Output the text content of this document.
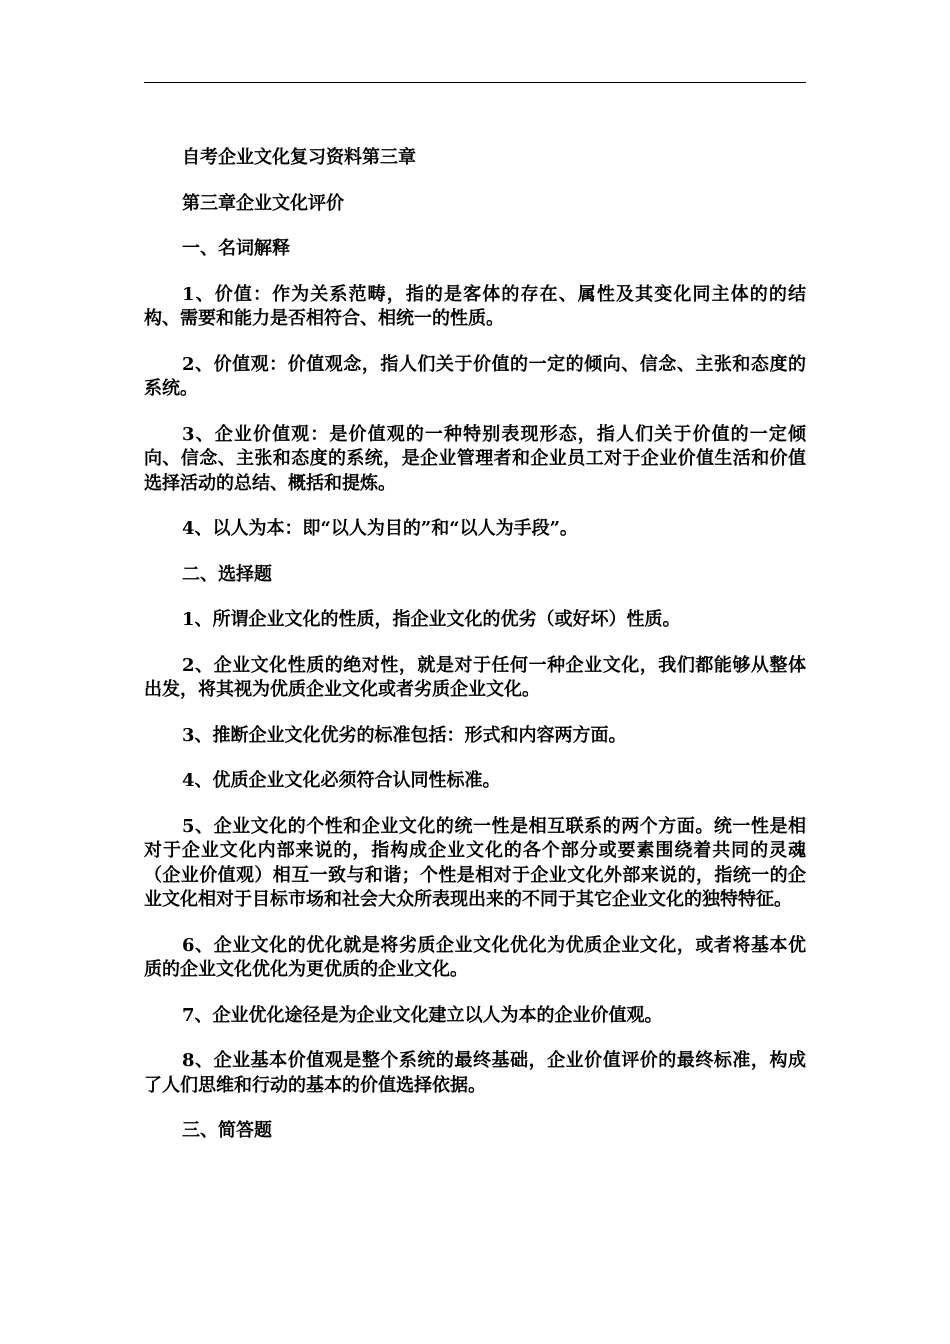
自考企业文化复习资料第三章

第三章企业文化评价

一、名词解释

1、价值：作为关系范畴，指的是客体的存在、属性及其变化同主体的的结构、需要和能力是否相符合、相统一的性质。

2、价值观：价值观念，指人们关于价值的一定的倾向、信念、主张和态度的系统。

3、企业价值观：是价值观的一种特别表现形态，指人们关于价值的一定倾向、信念、主张和态度的系统，是企业管理者和企业员工对于企业价值生活和价值选择活动的总结、概括和提炼。

4、以人为本：即“以人为目的”和“以人为手段”。

二、选择题

1、所谓企业文化的性质，指企业文化的优劣（或好坏）性质。

2、企业文化性质的绝对性，就是对于任何一种企业文化，我们都能够从整体出发，将其视为优质企业文化或者劣质企业文化。

3、推断企业文化优劣的标准包括：形式和内容两方面。

4、优质企业文化必须符合认同性标准。

5、企业文化的个性和企业文化的统一性是相互联系的两个方面。统一性是相对于企业文化内部来说的，指构成企业文化的各个部分或要素围绕着共同的灵魂（企业价值观）相互一致与和谐；个性是相对于企业文化外部来说的，指统一的企业文化相对于目标市场和社会大众所表现出来的不同于其它企业文化的独特特征。

6、企业文化的优化就是将劣质企业文化优化为优质企业文化，或者将基本优质的企业文化优化为更优质的企业文化。

7、企业优化途径是为企业文化建立以人为本的企业价值观。

8、企业基本价值观是整个系统的最终基础，企业价值评价的最终标准，构成了人们思维和行动的基本的价值选择依据。

三、简答题
